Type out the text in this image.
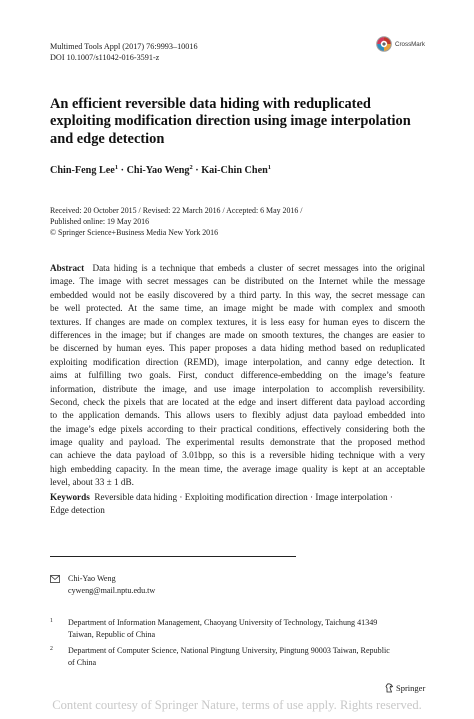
Multimed Tools Appl (2017) 76:9993–10016
DOI 10.1007/s11042-016-3591-z
CrossMark
An efficient reversible data hiding with reduplicated exploiting modification direction using image interpolation and edge detection
Chin-Feng Lee$^1$ · Chi-Yao Weng$^2$ · Kai-Chin Chen$^1$
Received: 20 October 2015 / Revised: 22 March 2016 / Accepted: 6 May 2016 /
Published online: 19 May 2016
© Springer Science+Business Media New York 2016
Abstract Data hiding is a technique that embeds a cluster of secret messages into the original
image. The image with secret messages can be distributed on the Internet while the message
embedded would not be easily discovered by a third party. In this way, the secret message can
be well protected. At the same time, an image might be made with complex and smooth
textures. If changes are made on complex textures, it is less easy for human eyes to discern the
differences in the image; but if changes are made on smooth textures, the changes are easier to
be discerned by human eyes. This paper proposes a data hiding method based on reduplicated
exploiting modification direction (REMD), image interpolation, and canny edge detection. It
aims at fulfilling two goals. First, conduct difference-embedding on the image’s feature
information, distribute the image, and use image interpolation to accomplish reversibility.
Second, check the pixels that are located at the edge and insert different data payload according
to the application demands. This allows users to flexibly adjust data payload embedded into
the image’s edge pixels according to their practical conditions, effectively considering both the
image quality and payload. The experimental results demonstrate that the proposed method
can achieve the data payload of 3.01bpp, so this is a reversible hiding technique with a very
high embedding capacity. In the mean time, the average image quality is kept at an acceptable
level, about 33 ± 1 dB.
Keywords Reversible data hiding · Exploiting modification direction · Image interpolation ·
Edge detection
Chi-Yao Weng
cyweng@mail.nptu.edu.tw
1 Department of Information Management, Chaoyang University of Technology, Taichung 41349
Taiwan, Republic of China
2 Department of Computer Science, National Pingtung University, Pingtung 90003 Taiwan, Republic
of China
Springer
Content courtesy of Springer Nature, terms of use apply. Rights reserved.
